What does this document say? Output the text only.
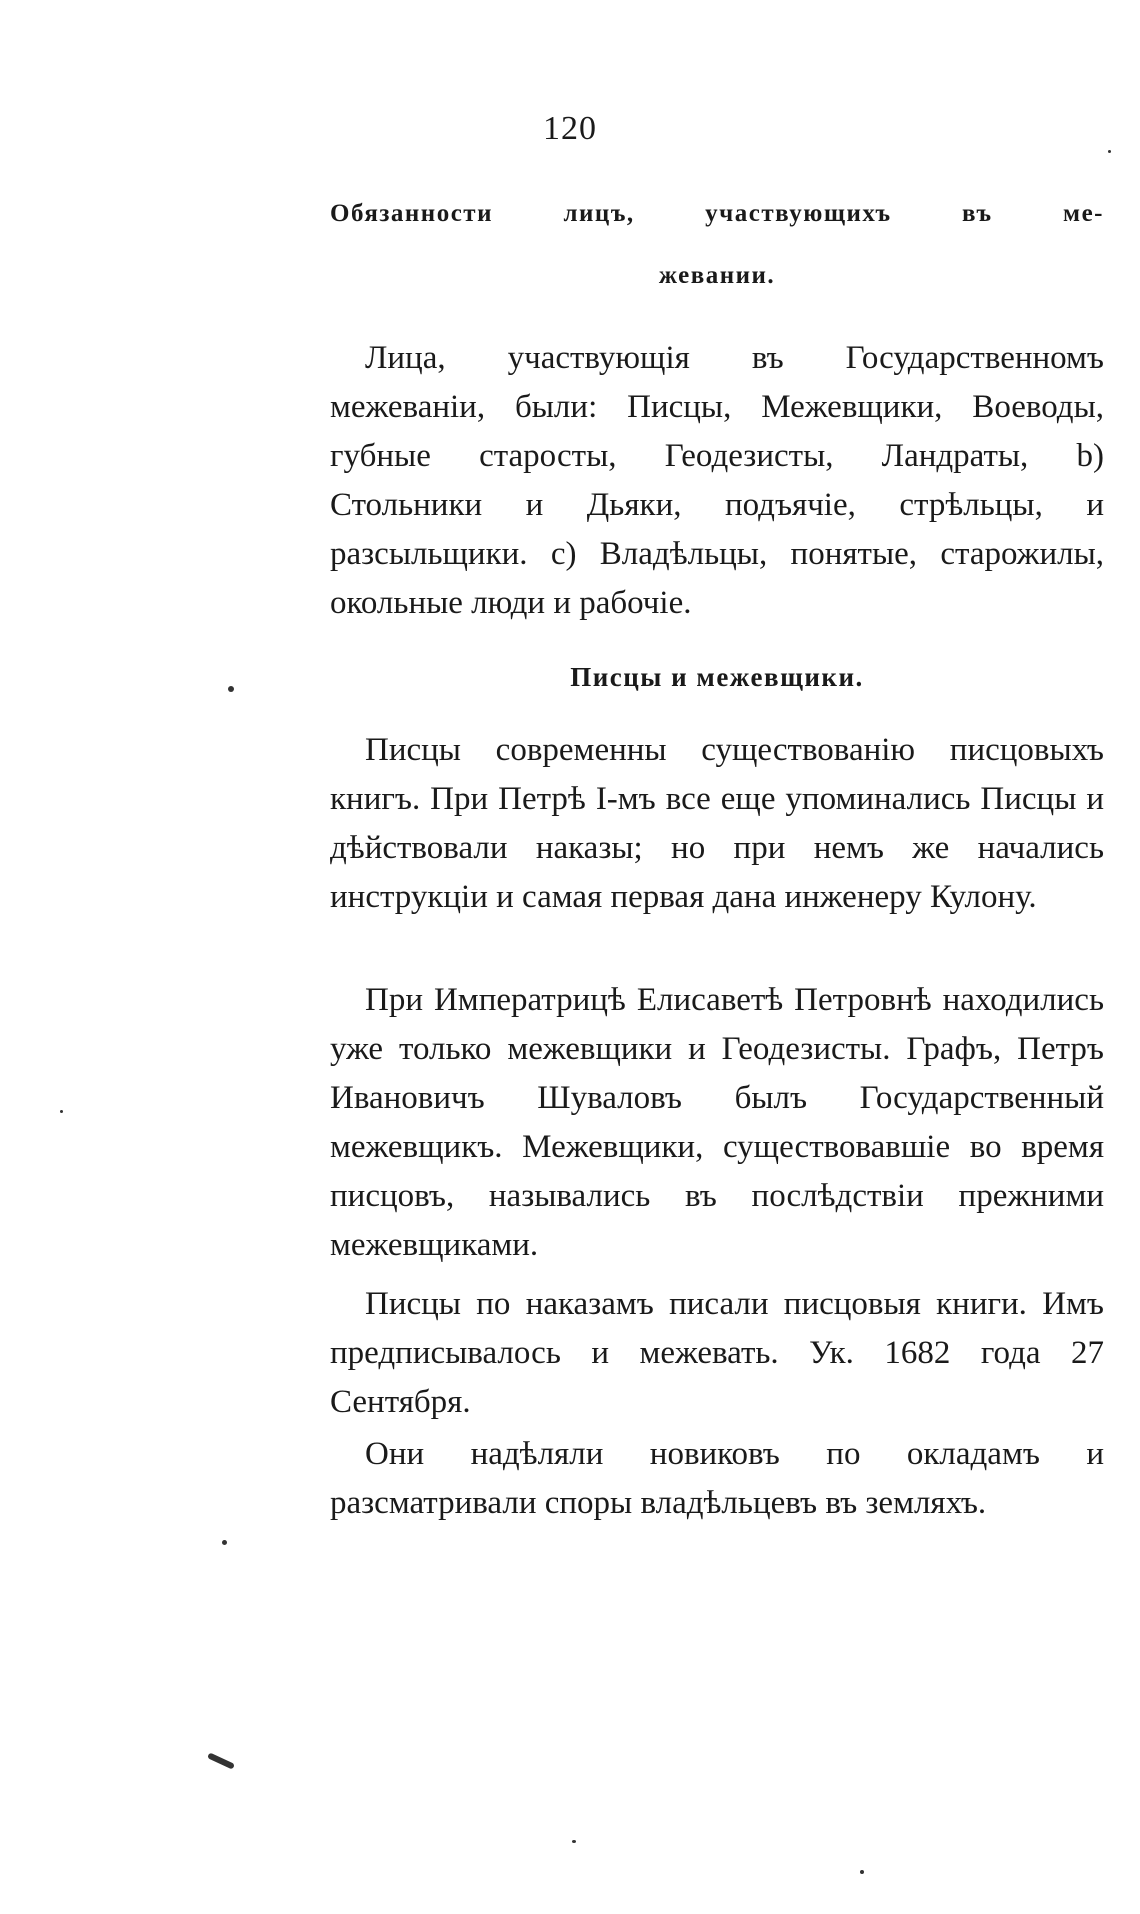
120
Обязанности лицъ, участвующихъ въ ме-
жевании.

Лица, участвующія въ Государственномъ межеваніи, были: Писцы, Межевщики, Воеводы, губные старосты, Геодезисты, Ландраты, b) Стольники и Дьяки, подъячіе, стрѣльцы, и разсыльщики. c) Владѣльцы, понятые, старожилы, окольные люди и рабочіе.

Писцы и межевщики.

Писцы современны существованію писцовыхъ книгъ. При Петрѣ I-мъ все еще упоминались Писцы и дѣйствовали наказы; но при немъ же начались инструкціи и самая первая дана инженеру Кулону.

При Императрицѣ Елисаветѣ Петровнѣ находились уже только межевщики и Геодезисты. Графъ, Петръ Ивановичъ Шуваловъ былъ Государственный межевщикъ. Межевщики, существовавшіе во время писцовъ, назывались въ послѣдствіи прежними межевщиками.

Писцы по наказамъ писали писцовыя книги. Имъ предписывалось и межевать. Ук. 1682 года 27 Сентября.

Они надѣляли новиковъ по окладамъ и разсматривали споры владѣльцевъ въ земляхъ.
